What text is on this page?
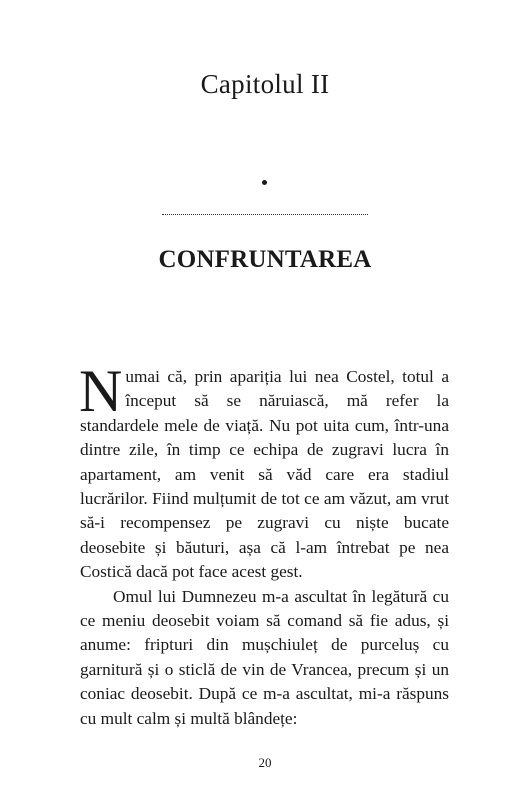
Capitolul II
CONFRUNTAREA

Numai că, prin apariția lui nea Costel, totul a început să se năruiască, mă refer la standardele mele de viață. Nu pot uita cum, într-una dintre zile, în timp ce echipa de zugravi lucra în apartament, am venit să văd care era stadiul lucrărilor. Fiind mulțumit de tot ce am văzut, am vrut să-i recompensez pe zugravi cu niște bucate deosebite și băuturi, așa că l-am întrebat pe nea Costică dacă pot face acest gest.

Omul lui Dumnezeu m-a ascultat în legătură cu ce meniu deosebit voiam să comand să fie adus, și anume: fripturi din mușchiuleț de purceluș cu garnitură și o sticlă de vin de Vrancea, precum și un coniac deosebit. După ce m-a ascultat, mi-a răspuns cu mult calm și multă blândețe:

20
